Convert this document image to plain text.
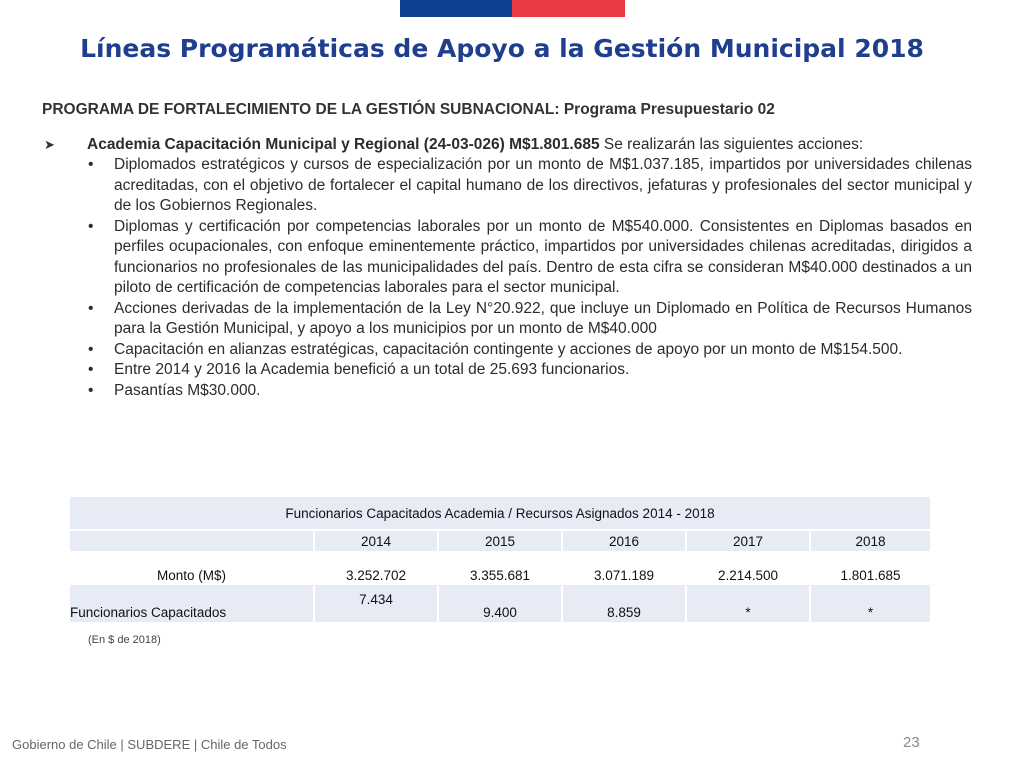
Líneas Programáticas de Apoyo a la Gestión Municipal 2018

PROGRAMA DE FORTALECIMIENTO DE LA GESTIÓN SUBNACIONAL: Programa Presupuestario 02

➤ Academia Capacitación Municipal y Regional (24-03-026) M$1.801.685 Se realizarán las siguientes acciones:
• Diplomados estratégicos y cursos de especialización por un monto de M$1.037.185, impartidos por universidades chilenas acreditadas, con el objetivo de fortalecer el capital humano de los directivos, jefaturas y profesionales del sector municipal y de los Gobiernos Regionales.
• Diplomas y certificación por competencias laborales por un monto de M$540.000. Consistentes en Diplomas basados en perfiles ocupacionales, con enfoque eminentemente práctico, impartidos por universidades chilenas acreditadas, dirigidos a funcionarios no profesionales de las municipalidades del país. Dentro de esta cifra se consideran M$40.000 destinados a un piloto de certificación de competencias laborales para el sector municipal.
• Acciones derivadas de la implementación de la Ley N°20.922, que incluye un Diplomado en Política de Recursos Humanos para la Gestión Municipal, y apoyo a los municipios por un monto de M$40.000
• Capacitación en alianzas estratégicas, capacitación contingente y acciones de apoyo por un monto de M$154.500.
• Entre 2014 y 2016 la Academia benefició a un total de 25.693 funcionarios.
• Pasantías M$30.000.
Funcionarios Capacitados Academia / Recursos Asignados 2014 - 2018					
	2014	2015	2016	2017	2018
Monto (M$)	3.252.702	3.355.681	3.071.189	2.214.500	1.801.685
Funcionarios Capacitados	7.434	9.400	8.859	*	*
(En $ de 2018)
Gobierno de Chile | SUBDERE | Chile de Todos	23
